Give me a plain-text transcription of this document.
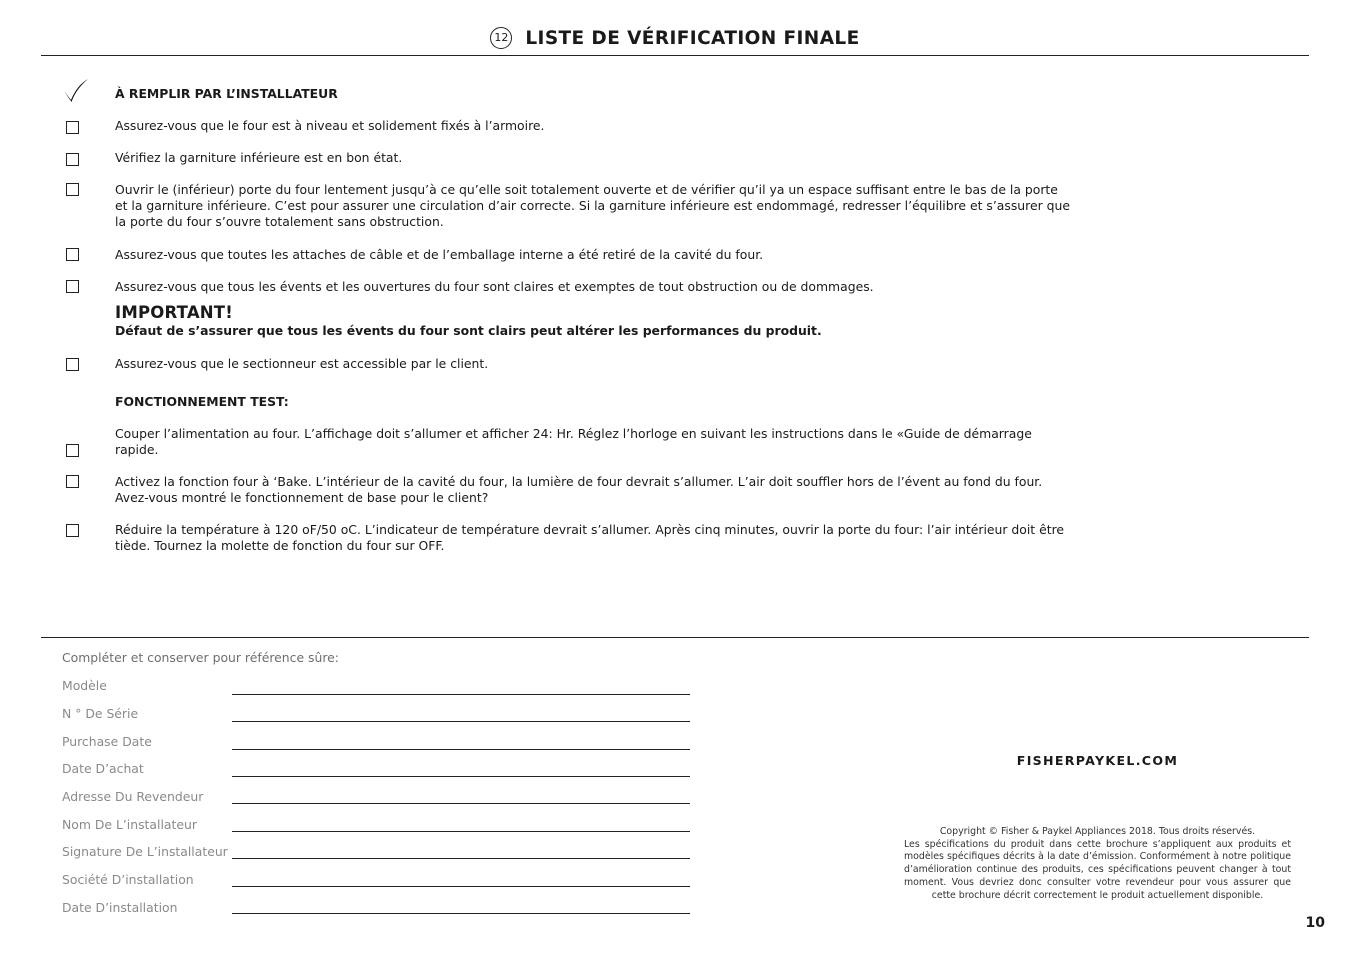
12 LISTE DE VÉRIFICATION FINALE
À REMPLIR PAR L’INSTALLATEUR
Assurez-vous que le four est à niveau et solidement fixés à l’armoire.
Vérifiez la garniture inférieure est en bon état.
Ouvrir le (inférieur) porte du four lentement jusqu’à ce qu’elle soit totalement ouverte et de vérifier qu’il ya un espace suffisant entre le bas de la porte et la garniture inférieure. C’est pour assurer une circulation d’air correcte. Si la garniture inférieure est endommagé, redresser l’équilibre et s’assurer que la porte du four s’ouvre totalement sans obstruction.
Assurez-vous que toutes les attaches de câble et de l’emballage interne a été retiré de la cavité du four.
Assurez-vous que tous les évents et les ouvertures du four sont claires et exemptes de tout obstruction ou de dommages.
IMPORTANT!
Défaut de s’assurer que tous les évents du four sont clairs peut altérer les performances du produit.
Assurez-vous que le sectionneur est accessible par le client.
FONCTIONNEMENT TEST:
Couper l’alimentation au four. L’affichage doit s’allumer et afficher 24: Hr. Réglez l’horloge en suivant les instructions dans le «Guide de démarrage rapide.
Activez la fonction four à ‘Bake. L’intérieur de la cavité du four, la lumière de four devrait s’allumer. L’air doit souffler hors de l’évent au fond du four. Avez-vous montré le fonctionnement de base pour le client?
Réduire la température à 120 oF/50 oC. L’indicateur de température devrait s’allumer. Après cinq minutes, ouvrir la porte du four: l’air intérieur doit être tiède. Tournez la molette de fonction du four sur OFF.
Compléter et conserver pour référence sûre:
Modèle
N ° De Série
Purchase Date
Date D’achat
Adresse Du Revendeur
Nom De L’installateur
Signature De L’installateur
Société D’installation
Date D’installation
FISHERPAYKEL.COM
Copyright © Fisher & Paykel Appliances 2018. Tous droits réservés.
Les spécifications du produit dans cette brochure s’appliquent aux produits et modèles spécifiques décrits à la date d’émission. Conformément à notre politique d’amélioration continue des produits, ces spécifications peuvent changer à tout moment. Vous devriez donc consulter votre revendeur pour vous assurer que cette brochure décrit correctement le produit actuellement disponible.
10
